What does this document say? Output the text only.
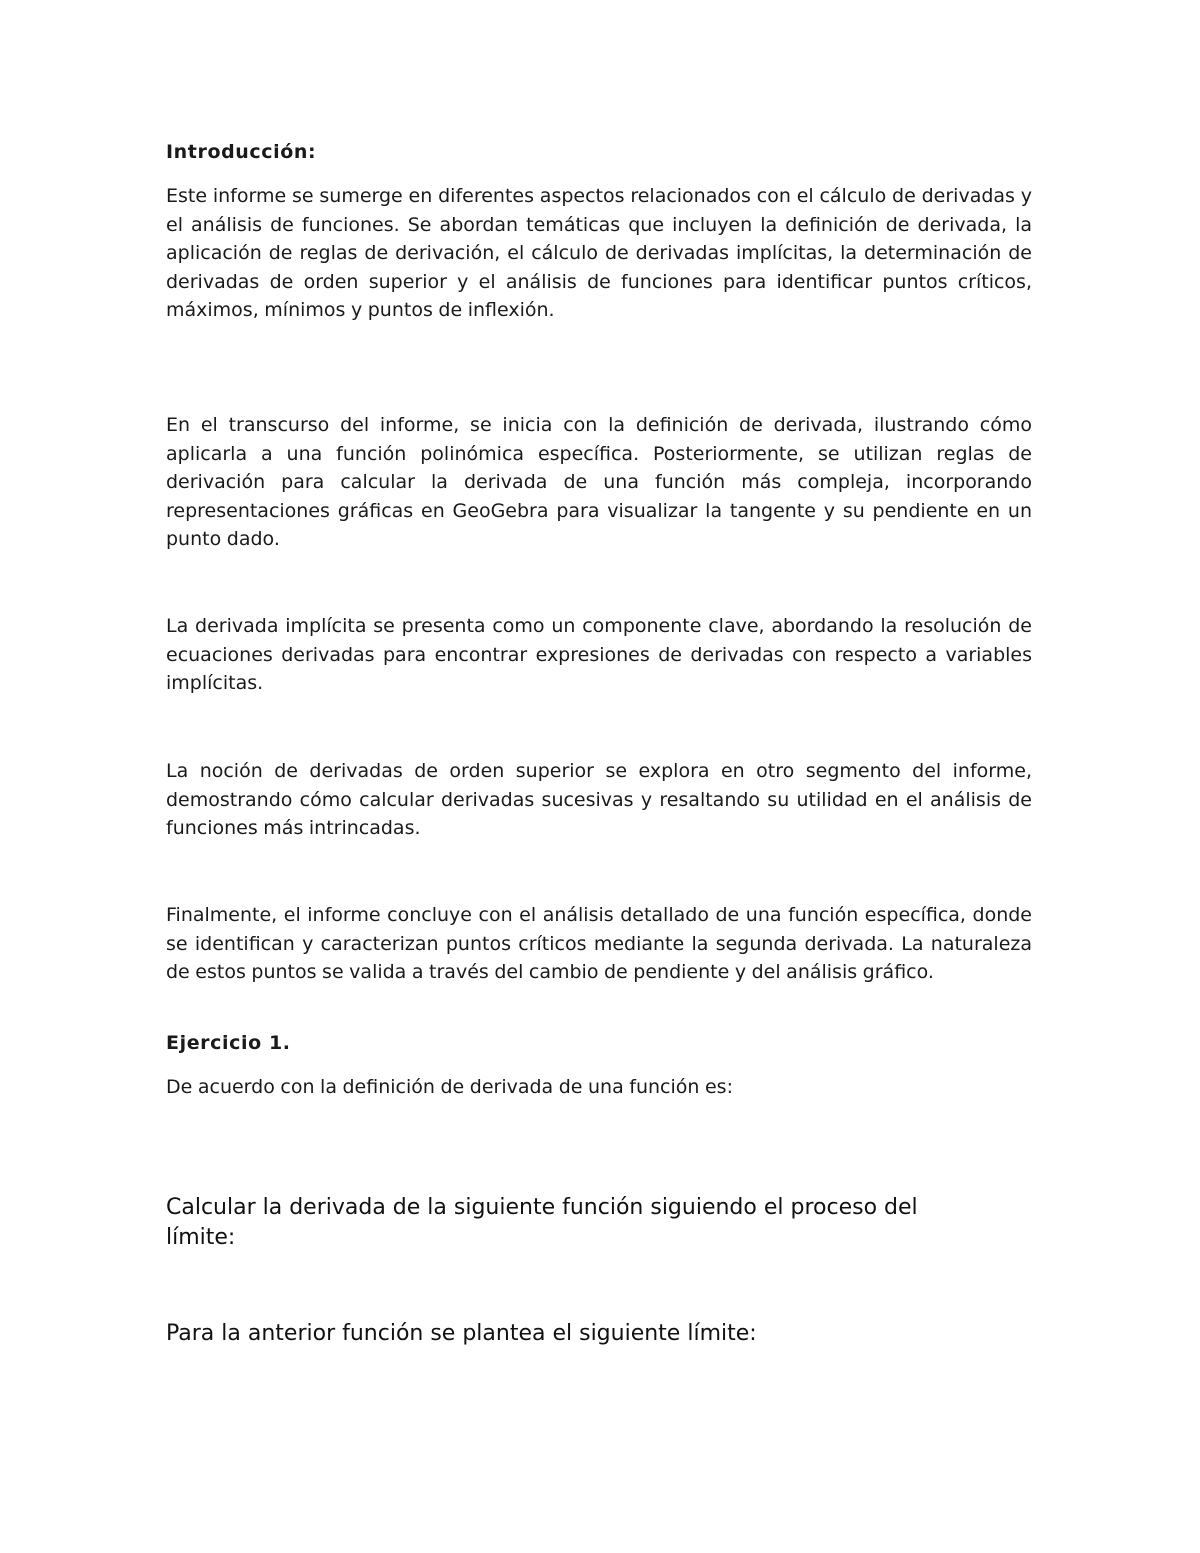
Introducción:

Este informe se sumerge en diferentes aspectos relacionados con el cálculo de derivadas y el análisis de funciones. Se abordan temáticas que incluyen la definición de derivada, la aplicación de reglas de derivación, el cálculo de derivadas implícitas, la determinación de derivadas de orden superior y el análisis de funciones para identificar puntos críticos, máximos, mínimos y puntos de inflexión.

En el transcurso del informe, se inicia con la definición de derivada, ilustrando cómo aplicarla a una función polinómica específica. Posteriormente, se utilizan reglas de derivación para calcular la derivada de una función más compleja, incorporando representaciones gráficas en GeoGebra para visualizar la tangente y su pendiente en un punto dado.

La derivada implícita se presenta como un componente clave, abordando la resolución de ecuaciones derivadas para encontrar expresiones de derivadas con respecto a variables implícitas.

La noción de derivadas de orden superior se explora en otro segmento del informe, demostrando cómo calcular derivadas sucesivas y resaltando su utilidad en el análisis de funciones más intrincadas.

Finalmente, el informe concluye con el análisis detallado de una función específica, donde se identifican y caracterizan puntos críticos mediante la segunda derivada. La naturaleza de estos puntos se valida a través del cambio de pendiente y del análisis gráfico.

Ejercicio 1.

De acuerdo con la definición de derivada de una función es:

Calcular la derivada de la siguiente función siguiendo el proceso del límite:

Para la anterior función se plantea el siguiente límite:
